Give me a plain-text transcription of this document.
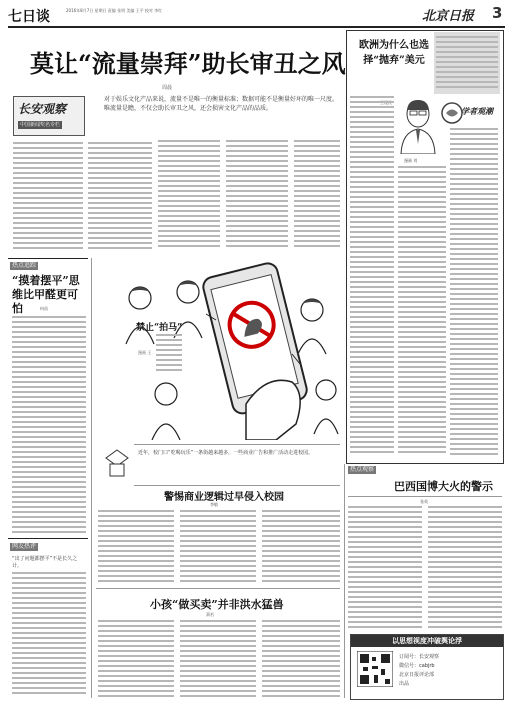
七日谈	2016年8月7日 星期日 责编 张明 美编 王平 校对 李红	北京日报 3
莫让“流量崇拜”助长审丑之风
周晨
长安观察
中国新闻奖名专栏
对于娱乐文化产品来说，流量不是唯一的衡量标准；数据可能不是衡量好坏的唯一尺度。唯流量是瞻，不仅会助长审丑之风，还会损害文化产品的品质。
欧洲为什么也选择“抛弃”美元
漫画 刘
学者观潮
热点追踪
“摸着摆平”思维比甲醛更可怕	何苗
网友热评
“出了问题都摆平”不是长久之计。
禁止“拍马”
漫画 王
近年，校门口“吃喝玩乐”一条街越来越多，一些商业广告和推广活动走进校园。
警惕商业逻辑过早侵入校园
李敏
小孩“做买卖”并非洪水猛兽
萧若
热点观察
巴西国博大火的警示
张英
以思想视度冲破舆论浮
订阅号：长安观察
微信号：cabjrb
北京日报评论部
出品
